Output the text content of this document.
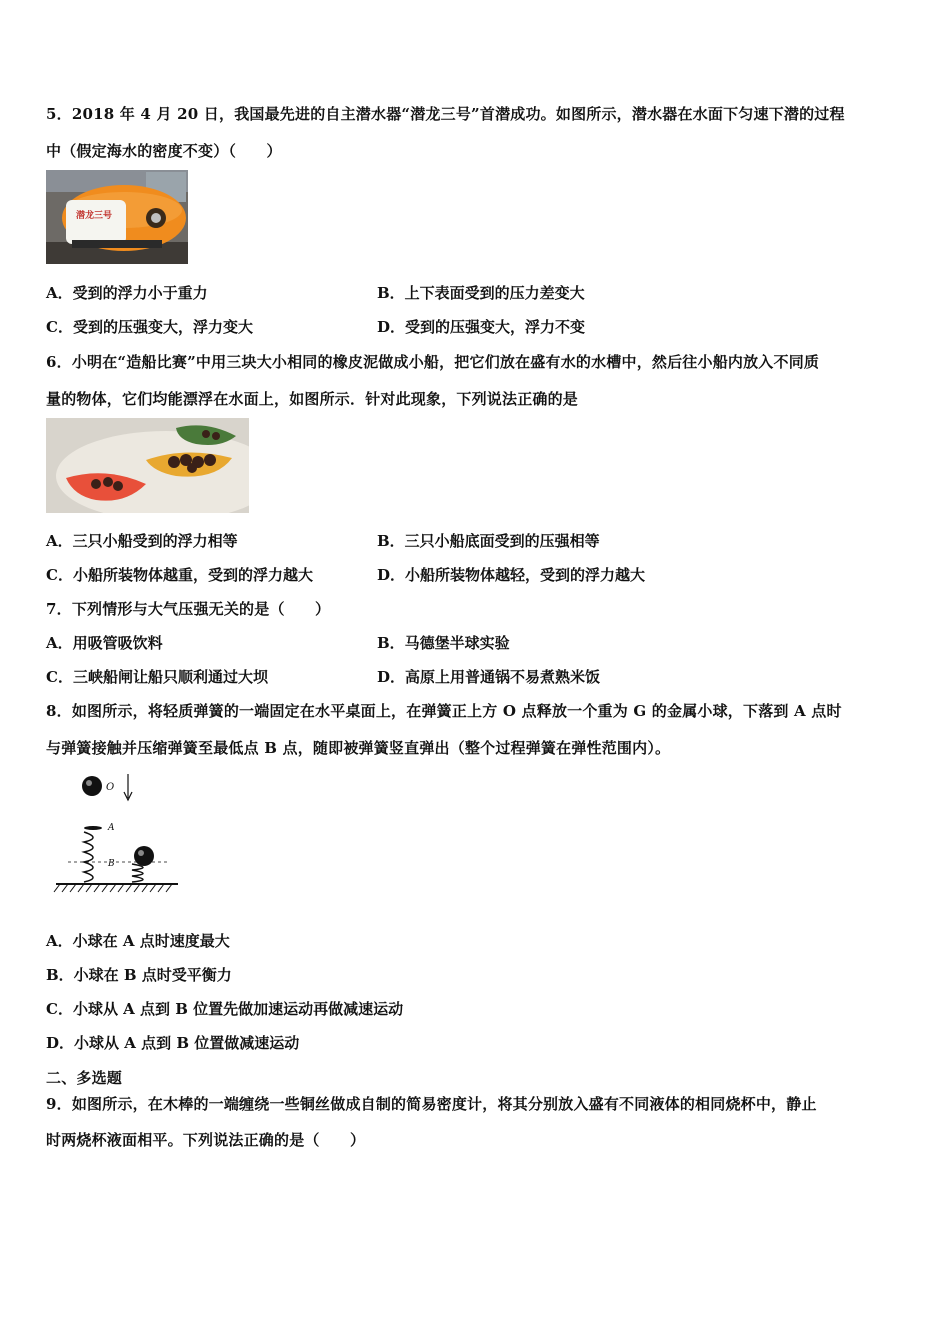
5．2018 年 4 月 20 日，我国最先进的自主潜水器“潜龙三号”首潜成功。如图所示，潜水器在水面下匀速下潜的过程
中（假定海水的密度不变）（　　）
潜龙三号
A．受到的浮力小于重力	B．上下表面受到的压力差变大
C．受到的压强变大，浮力变大	D．受到的压强变大，浮力不变
6．小明在“造船比赛”中用三块大小相同的橡皮泥做成小船，把它们放在盛有水的水槽中，然后往小船内放入不同质
量的物体，它们均能漂浮在水面上，如图所示．针对此现象，下列说法正确的是
A．三只小船受到的浮力相等	B．三只小船底面受到的压强相等
C．小船所装物体越重，受到的浮力越大	D．小船所装物体越轻，受到的浮力越大
7．下列情形与大气压强无关的是（　　）
A．用吸管吸饮料	B．马德堡半球实验
C．三峡船闸让船只顺利通过大坝	D．高原上用普通锅不易煮熟米饭
8．如图所示，将轻质弹簧的一端固定在水平桌面上，在弹簧正上方 O 点释放一个重为 G 的金属小球，下落到 A 点时
与弹簧接触并压缩弹簧至最低点 B 点，随即被弹簧竖直弹出（整个过程弹簧在弹性范围内）。
O
A
B
A．小球在 A 点时速度最大
B．小球在 B 点时受平衡力
C．小球从 A 点到 B 位置先做加速运动再做减速运动
D．小球从 A 点到 B 位置做减速运动
二、多选题
9．如图所示，在木棒的一端缠绕一些铜丝做成自制的简易密度计，将其分别放入盛有不同液体的相同烧杯中，静止
时两烧杯液面相平。下列说法正确的是（　　）
